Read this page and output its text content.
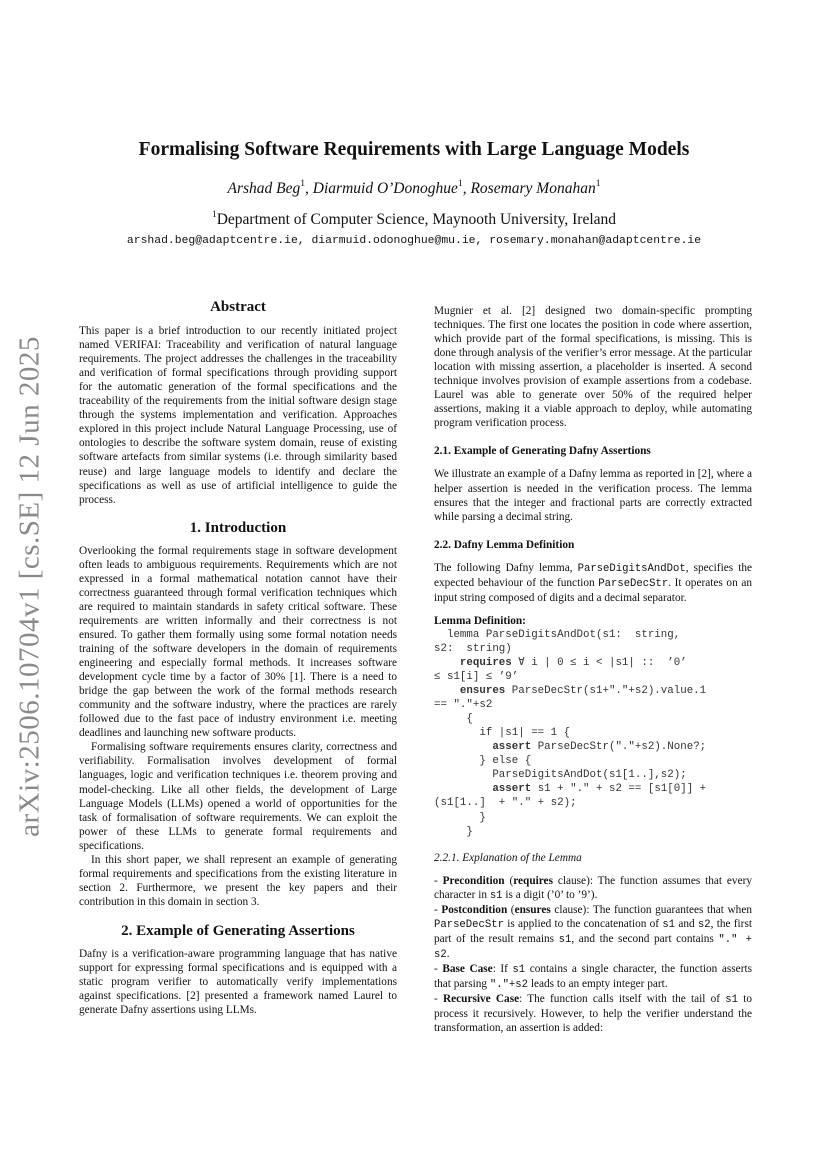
arXiv:2506.10704v1 [cs.SE] 12 Jun 2025
Formalising Software Requirements with Large Language Models
Arshad Beg$^1$, Diarmuid O’Donoghue$^1$, Rosemary Monahan$^1$
$^1$Department of Computer Science, Maynooth University, Ireland
arshad.beg@adaptcentre.ie, diarmuid.odonoghue@mu.ie, rosemary.monahan@adaptcentre.ie
Abstract

This paper is a brief introduction to our recently initiated project named VERIFAI: Traceability and verification of natural language requirements. The project addresses the challenges in the traceability and verification of formal specifications through providing support for the automatic generation of the formal specifications and the traceability of the requirements from the initial software design stage through the systems implementation and verification. Approaches explored in this project include Natural Language Processing, use of ontologies to describe the software system domain, reuse of existing software artefacts from similar systems (i.e. through similarity based reuse) and large language models to identify and declare the specifications as well as use of artificial intelligence to guide the process.

1. Introduction

Overlooking the formal requirements stage in software development often leads to ambiguous requirements. Requirements which are not expressed in a formal mathematical notation cannot have their correctness guaranteed through formal verification techniques which are required to maintain standards in safety critical software. These requirements are written informally and their correctness is not ensured. To gather them formally using some formal notation needs training of the software developers in the domain of requirements engineering and especially formal methods. It increases software development cycle time by a factor of 30% [1]. There is a need to bridge the gap between the work of the formal methods research community and the software industry, where the practices are rarely followed due to the fast pace of industry environment i.e. meeting deadlines and launching new software products.

Formalising software requirements ensures clarity, correctness and verifiability. Formalisation involves development of formal languages, logic and verification techniques i.e. theorem proving and model-checking. Like all other fields, the development of Large Language Models (LLMs) opened a world of opportunities for the task of formalisation of software requirements. We can exploit the power of these LLMs to generate formal requirements and specifications.

In this short paper, we shall represent an example of generating formal requirements and specifications from the existing literature in section 2. Furthermore, we present the key papers and their contribution in this domain in section 3.

2. Example of Generating Assertions

Dafny is a verification-aware programming language that has native support for expressing formal specifications and is equipped with a static program verifier to automatically verify implementations against specifications. [2] presented a framework named Laurel to generate Dafny assertions using LLMs.

Mugnier et al. [2] designed two domain-specific prompting techniques. The first one locates the position in code where assertion, which provide part of the formal specifications, is missing. This is done through analysis of the verifier’s error message. At the particular location with missing assertion, a placeholder is inserted. A second technique involves provision of example assertions from a codebase. Laurel was able to generate over 50% of the required helper assertions, making it a viable approach to deploy, while automating program verification process.

2.1. Example of Generating Dafny Assertions

We illustrate an example of a Dafny lemma as reported in [2], where a helper assertion is needed in the verification process. The lemma ensures that the integer and fractional parts are correctly extracted while parsing a decimal string.

2.2. Dafny Lemma Definition

The following Dafny lemma, ParseDigitsAndDot, specifies the expected behaviour of the function ParseDecStr. It operates on an input string composed of digits and a decimal separator.

Lemma Definition:

lemma ParseDigitsAndDot(s1:  string,
s2:  string)
requires ∀ i | 0 ≤ i < |s1| ::  ’0’
≤ s1[i] ≤ ’9’
ensures ParseDecStr(s1+"."+s2).value.1
== "."+s2
{
if |s1| == 1 {
assert ParseDecStr("."+s2).None?;
} else {
ParseDigitsAndDot(s1[1..],s2);
assert s1 + "." + s2 == [s1[0]] +
(s1[1..]  + "." + s2);
}
}

2.2.1. Explanation of the Lemma

- Precondition (requires clause): The function assumes that every character in s1 is a digit (’0’ to ’9’).

- Postcondition (ensures clause): The function guarantees that when ParseDecStr is applied to the concatenation of s1 and s2, the first part of the result remains s1, and the second part contains "." + s2.

- Base Case: If s1 contains a single character, the function asserts that parsing "."+s2 leads to an empty integer part.

- Recursive Case: The function calls itself with the tail of s1 to process it recursively. However, to help the verifier understand the transformation, an assertion is added:
